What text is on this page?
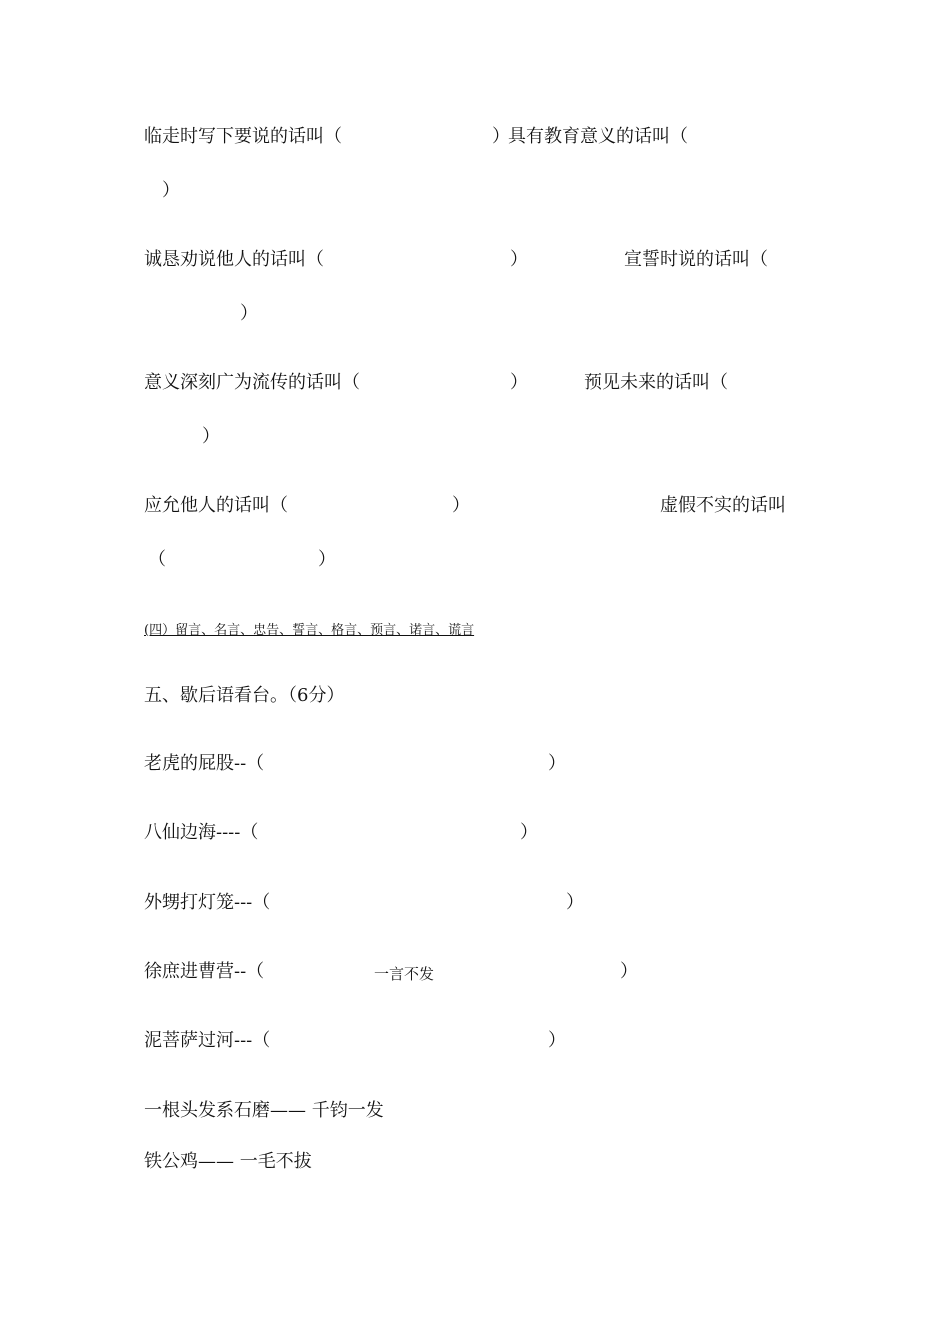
临走时写下要说的话叫（	）
具有教育意义的话叫（
）
诚恳劝说他人的话叫（	）	宣誓时说的话叫（
）
意义深刻广为流传的话叫（	）	预见未来的话叫（
）
应允他人的话叫（	）	虚假不实的话叫
（	）
(四）留言、名言、忠告、誓言、格言、预言、诺言、谎言
五、歇后语看台。（6分）
老虎的屁股--（	）
八仙边海----（	）
外甥打灯笼---（	）
徐庶进曹营--（	一言不发	）
泥菩萨过河---（	）
一根头发系石磨—— 千钧一发
铁公鸡—— 一毛不拔
